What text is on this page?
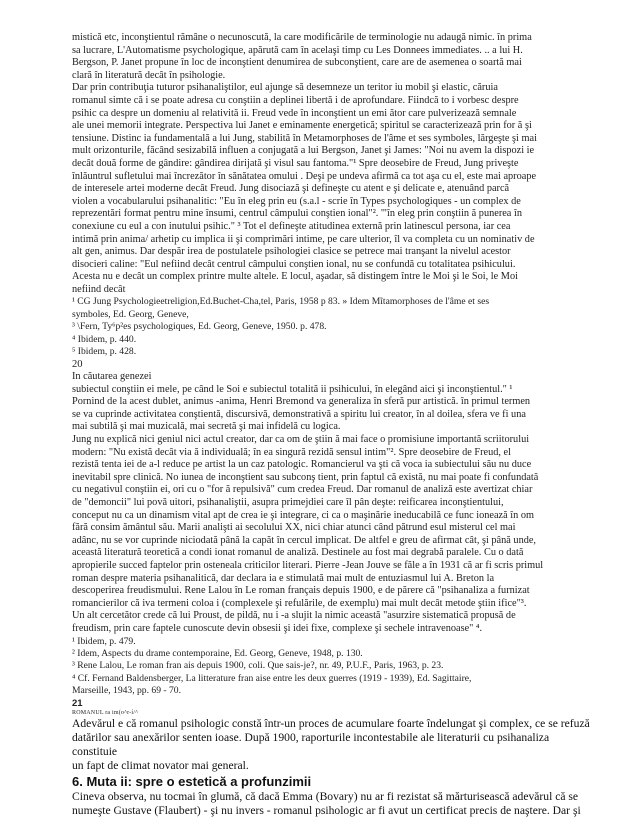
mistică etc, inconştientul rămâne o necunoscută, la care modificările de terminologie nu adaugă nimic. în prima

sa lucrare, L'Automatisme psychologique, apărută cam în acelaşi timp cu Les Donnees immediates. .. a lui H.

Bergson, P. Janet propune în loc de inconştient denumirea de subconştient, care are de asemenea o soartă mai

clară în literatură decât în psihologie.

Dar prin contribuţia tuturor psihanaliştilor, eul ajunge să desemneze un teritor iu mobil şi elastic, căruia

romanul simte că i se poate adresa cu conştiin a deplinei libertă i de aprofundare. Fiindcă to i vorbesc despre

psihic ca despre un domeniu al relativită ii. Freud vede în inconştient un emi ător care pulverizează semnale

ale unei memorii integrate. Perspectiva lui Janet e eminamente energetică; spiritul se caracterizează prin for ă şi

tensiune. Distinc ia fundamentală a lui Jung, stabilită în Metamorphoses de l'âme et ses symboles, lărgeşte şi mai

mult orizonturile, făcând sesizabilă influen a conjugată a lui Bergson, Janet şi James: "Noi nu avem la dispozi ie

decât două forme de gândire: gândirea dirijată şi visul sau fantoma."¹ Spre deosebire de Freud, Jung priveşte

înlăuntrul sufletului mai încrezător în sănătatea omului . Deşi pe undeva afirmă ca tot aşa cu el, este mai aproape

de interesele artei moderne decât Freud. Jung disociază şi defineşte cu atent e şi delicate e, atenuând parcă

violen a vocabularului psihanalitic: "Eu în eleg prin eu (s.a.l - scrie în Types psychologiques - un complex de

reprezentări format pentru mine însumi, centrul câmpului conştien ional"². '"în eleg prin conştiin ă punerea în

conexiune cu eul a con inutului psihic." ³ Tot el defineşte atitudinea externă prin latinescul persona, iar cea

intimă prin anima/ arhetip cu implica ii şi comprimări intime, pe care ulterior, îl va completa cu un nominativ de

alt gen, animus. Dar despăr irea de postulatele psihologiei clasice se petrece mai tranşant la nivelul acestor

disocieri caline: "Eul nefiind decât centrul câmpului conştien ional, nu se confundă cu totalitatea psihicului.

Acesta nu e decât un complex printre multe altele. E locul, aşadar, să distingem între le Moi şi le Soi, le Moi

nefiind decât

¹ CG Jung Psychologieetreligion,Ed.Buchet-Cha,tel, Paris, 1958 p 83. » Idem Mĩtamorphoses de l'âme et ses

symboles, Ed. Georg, Geneve,

³ \Fern, Ty⁶p²es psychologiques, Ed. Georg, Geneve, 1950. p. 478.

⁴ Ibidem, p. 440.

⁵ Ibidem, p. 428.

20

In căutarea genezei

subiectul conştiin ei mele, pe când le Soi e subiectul totalită ii psihicului, în elegând aici şi inconştientul." ¹

Pornind de la acest dublet, animus -anima, Henri Bremond va generaliza în sferă pur artistică. în primul termen

se va cuprinde activitatea conştientă, discursivă, demonstrativă a spiritu lui creator, în al doilea, sfera ve fi una

mai subtilă şi mai muzicală, mai secretă şi mai infidelă cu logica.

Jung nu explică nici geniul nici actul creator, dar ca om de ştiin ă mai face o promisiune importantă scriitorului

modern: "Nu există decât via ă individuală; în ea singură rezidă sensul intim"². Spre deosebire de Freud, el

rezistă tenta iei de a-l reduce pe artist la un caz patologic. Romancierul va şti că voca ia subiectului său nu duce

inevitabil spre clinică. No iunea de inconştient sau subconş tient, prin faptul că există, nu mai poate fi confundată

cu negativul conştiin ei, ori cu o "for ă repulsivă" cum credea Freud. Dar romanul de analiză este avertizat chiar

de "demoncii" lui povă uitori, psihanaliştii, asupra primejdiei care îl pân deşte: reificarea inconştientului,

conceput nu ca un dinamism vital apt de crea ie şi integrare, ci ca o maşinărie ineducabilă ce func ionează în om

fără consim ământul său. Marii analişti ai secolului XX, nici chiar atunci când pătrund esul misterul cel mai

adânc, nu se vor cuprinde niciodată până la capăt în cercul implicat. De altfel e greu de afirmat cât, şi până unde,

această literatură teoretică a condi ionat romanul de analiză. Destinele au fost mai degrabă paralele. Cu o dată

apropierile succed faptelor prin osteneala criticilor literari. Pierre -Jean Jouve se făle a în 1931 că ar fi scris primul

roman despre materia psihanalitică, dar declara ia e stimulată mai mult de entuziasmul lui A. Breton la

descoperirea freudismului. Rene Lalou în Le roman français depuis 1900, e de părere că "psihanaliza a furnizat

romancierilor că iva termeni coloa i (complexele şi refulările, de exemplu) mai mult decât metode ştiin ifice"³.

Un alt cercetător crede că lui Proust, de pildă, nu i -a slujit la nimic această "asurzire sistematică propusă de

freudism, prin care faptele cunoscute devin obsesii şi idei fixe, complexe şi sechele intravenoase" ⁴.

¹ Ibidem, p. 479.

² Idem, Aspects du drame contemporaine, Ed. Georg, Geneve, 1948, p. 130.

³ Rene Lalou, Le roman fran ais depuis 1900, coli. Que sais-je?, nr. 49, P.U.F., Paris, 1963, p. 23.

⁴ Cf. Fernand Baldensberger, La litterature fran aise entre les deux guerres (1919 - 1939), Ed. Sagittaire,

Marseille, 1943, pp. 69 - 70.

21

ROMANUL ra im(o^r-í/^

Adevărul e că romanul psihologic constă într-un proces de acumulare foarte îndelungat şi complex, ce se refuză

datărilor sau anexărilor senten ioase. După 1900, raporturile incontestabile ale literaturii cu psihanaliza constituie

un fapt de climat novator mai general.

6. Muta ii: spre o estetică a profunzimii

Cineva observa, nu tocmai în glumă, că dacă Emma (Bovary) nu ar fi rezistat să mărturisească adevărul că se

numeşte Gustave (Flaubert) - şi nu invers - romanul psihologic ar fi avut un certificat precis de naştere. Dar şi
